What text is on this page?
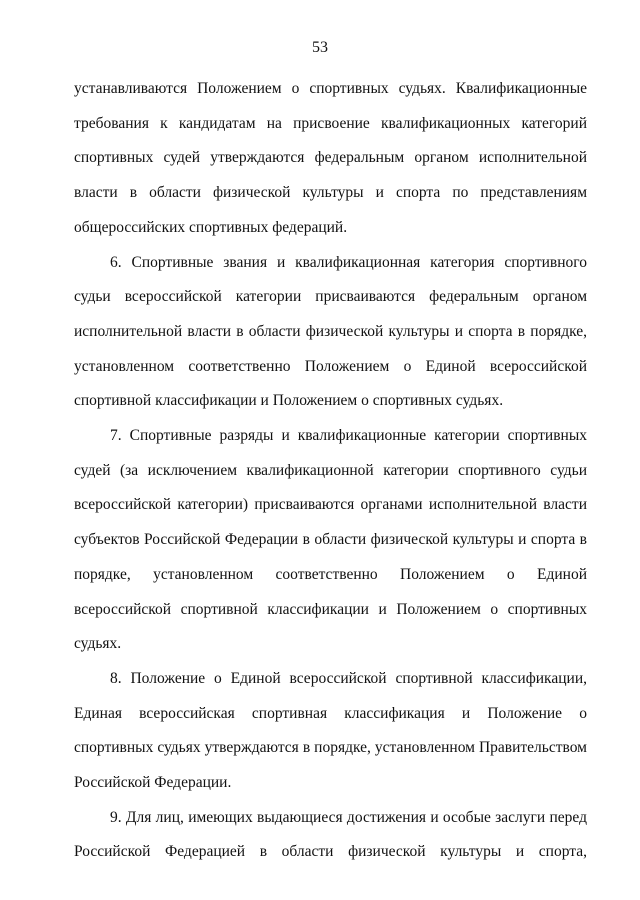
53

устанавливаются Положением о спортивных судьях. Квалификационные требования к кандидатам на присвоение квалификационных категорий спортивных судей утверждаются федеральным органом исполнительной власти в области физической культуры и спорта по представлениям общероссийских спортивных федераций.

6. Спортивные звания и квалификационная категория спортивного судьи всероссийской категории присваиваются федеральным органом исполнительной власти в области физической культуры и спорта в порядке, установленном соответственно Положением о Единой всероссийской спортивной классификации и Положением о спортивных судьях.

7. Спортивные разряды и квалификационные категории спортивных судей (за исключением квалификационной категории спортивного судьи всероссийской категории) присваиваются органами исполнительной власти субъектов Российской Федерации в области физической культуры и спорта в порядке, установленном соответственно Положением о Единой всероссийской спортивной классификации и Положением о спортивных судьях.

8. Положение о Единой всероссийской спортивной классификации, Единая всероссийская спортивная классификация и Положение о спортивных судьях утверждаются в порядке, установленном Правительством Российской Федерации.

9. Для лиц, имеющих выдающиеся достижения и особые заслуги перед Российской Федерацией в области физической культуры и спорта,
